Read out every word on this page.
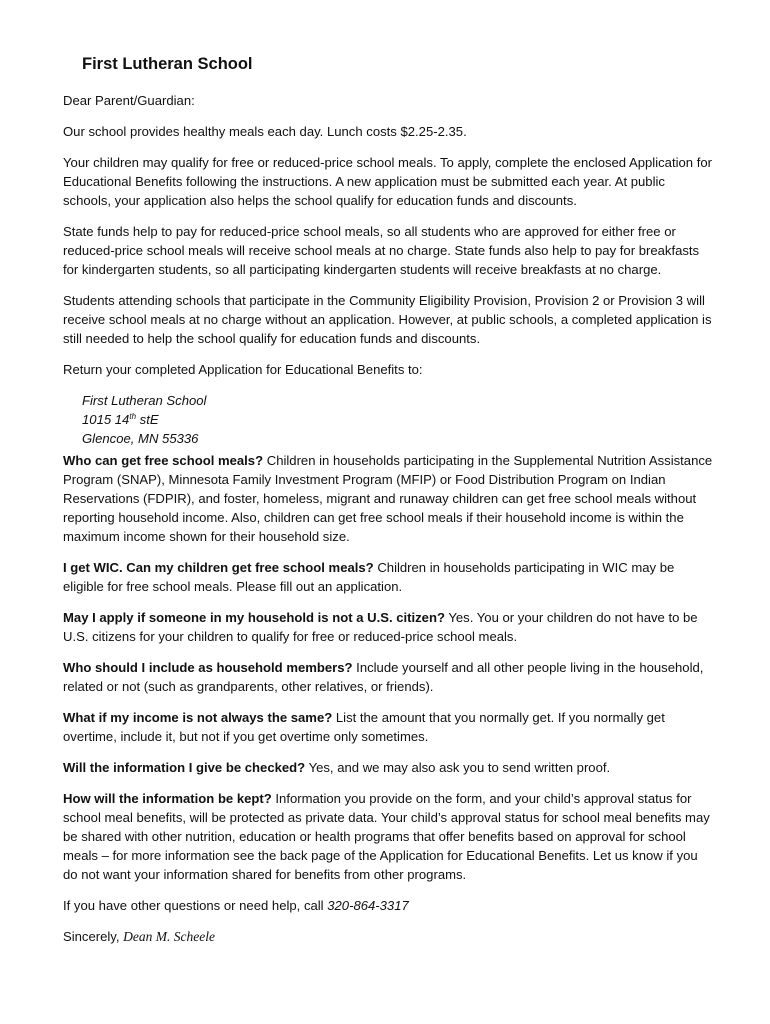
First Lutheran School

Dear Parent/Guardian:

Our school provides healthy meals each day. Lunch costs $2.25-2.35.

Your children may qualify for free or reduced-price school meals. To apply, complete the enclosed Application for Educational Benefits following the instructions. A new application must be submitted each year. At public schools, your application also helps the school qualify for education funds and discounts.

State funds help to pay for reduced-price school meals, so all students who are approved for either free or reduced-price school meals will receive school meals at no charge. State funds also help to pay for breakfasts for kindergarten students, so all participating kindergarten students will receive breakfasts at no charge.

Students attending schools that participate in the Community Eligibility Provision, Provision 2 or Provision 3 will receive school meals at no charge without an application. However, at public schools, a completed application is still needed to help the school qualify for education funds and discounts.

Return your completed Application for Educational Benefits to:

First Lutheran School
1015 14th stE
Glencoe, MN 55336

Who can get free school meals? Children in households participating in the Supplemental Nutrition Assistance Program (SNAP), Minnesota Family Investment Program (MFIP) or Food Distribution Program on Indian Reservations (FDPIR), and foster, homeless, migrant and runaway children can get free school meals without reporting household income. Also, children can get free school meals if their household income is within the maximum income shown for their household size.

I get WIC. Can my children get free school meals? Children in households participating in WIC may be eligible for free school meals. Please fill out an application.

May I apply if someone in my household is not a U.S. citizen? Yes. You or your children do not have to be U.S. citizens for your children to qualify for free or reduced-price school meals.

Who should I include as household members? Include yourself and all other people living in the household, related or not (such as grandparents, other relatives, or friends).

What if my income is not always the same? List the amount that you normally get. If you normally get overtime, include it, but not if you get overtime only sometimes.

Will the information I give be checked? Yes, and we may also ask you to send written proof.

How will the information be kept? Information you provide on the form, and your child’s approval status for school meal benefits, will be protected as private data. Your child’s approval status for school meal benefits may be shared with other nutrition, education or health programs that offer benefits based on approval for school meals – for more information see the back page of the Application for Educational Benefits. Let us know if you do not want your information shared for benefits from other programs.

If you have other questions or need help, call 320-864-3317

Sincerely, Dean M. Scheele
